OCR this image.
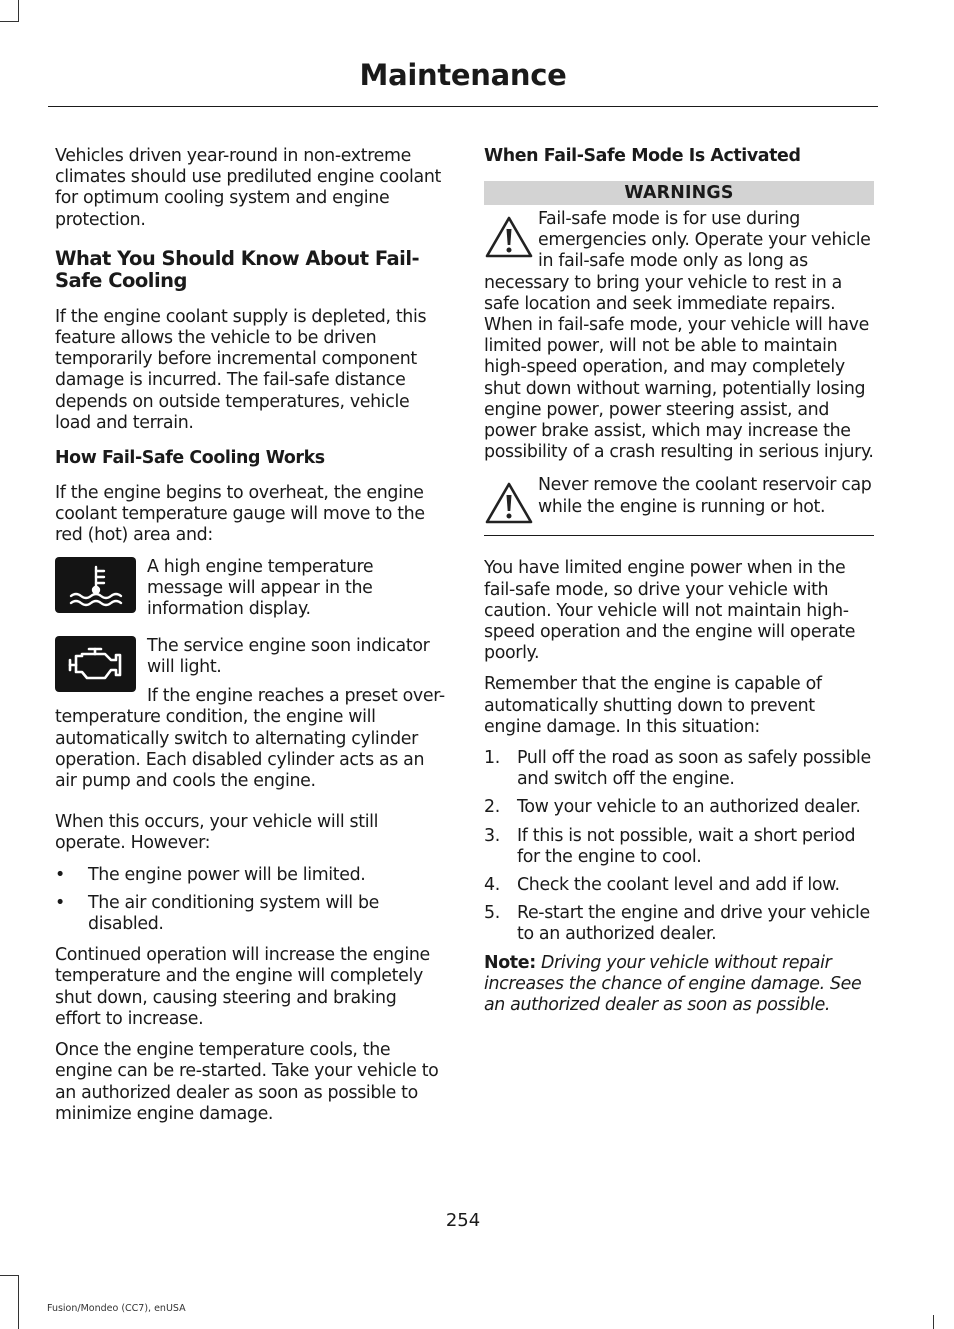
Maintenance

Vehicles driven year-round in non-extreme climates should use prediluted engine coolant for optimum cooling system and engine protection.

What You Should Know About Fail-Safe Cooling

If the engine coolant supply is depleted, this feature allows the vehicle to be driven temporarily before incremental component damage is incurred. The fail-safe distance depends on outside temperatures, vehicle load and terrain.

How Fail-Safe Cooling Works

If the engine begins to overheat, the engine coolant temperature gauge will move to the red (hot) area and:

A high engine temperature message will appear in the information display.
The service engine soon indicator will light.

If the engine reaches a preset over-temperature condition, the engine will automatically switch to alternating cylinder operation. Each disabled cylinder acts as an air pump and cools the engine.

When this occurs, your vehicle will still operate. However:

• The engine power will be limited.
• The air conditioning system will be disabled.

Continued operation will increase the engine temperature and the engine will completely shut down, causing steering and braking effort to increase.

Once the engine temperature cools, the engine can be re-started. Take your vehicle to an authorized dealer as soon as possible to minimize engine damage.

When Fail-Safe Mode Is Activated
WARNINGS
Fail-safe mode is for use during emergencies only. Operate your vehicle in fail-safe mode only as long as necessary to bring your vehicle to rest in a safe location and seek immediate repairs. When in fail-safe mode, your vehicle will have limited power, will not be able to maintain high-speed operation, and may completely shut down without warning, potentially losing engine power, power steering assist, and power brake assist, which may increase the possibility of a crash resulting in serious injury.
Never remove the coolant reservoir cap while the engine is running or hot.

You have limited engine power when in the fail-safe mode, so drive your vehicle with caution. Your vehicle will not maintain high-speed operation and the engine will operate poorly.

Remember that the engine is capable of automatically shutting down to prevent engine damage. In this situation:

1. Pull off the road as soon as safely possible and switch off the engine.
2. Tow your vehicle to an authorized dealer.
3. If this is not possible, wait a short period for the engine to cool.
4. Check the coolant level and add if low.
5. Re-start the engine and drive your vehicle to an authorized dealer.

Note: Driving your vehicle without repair increases the chance of engine damage. See an authorized dealer as soon as possible.

254
Fusion/Mondeo (CC7), enUSA
